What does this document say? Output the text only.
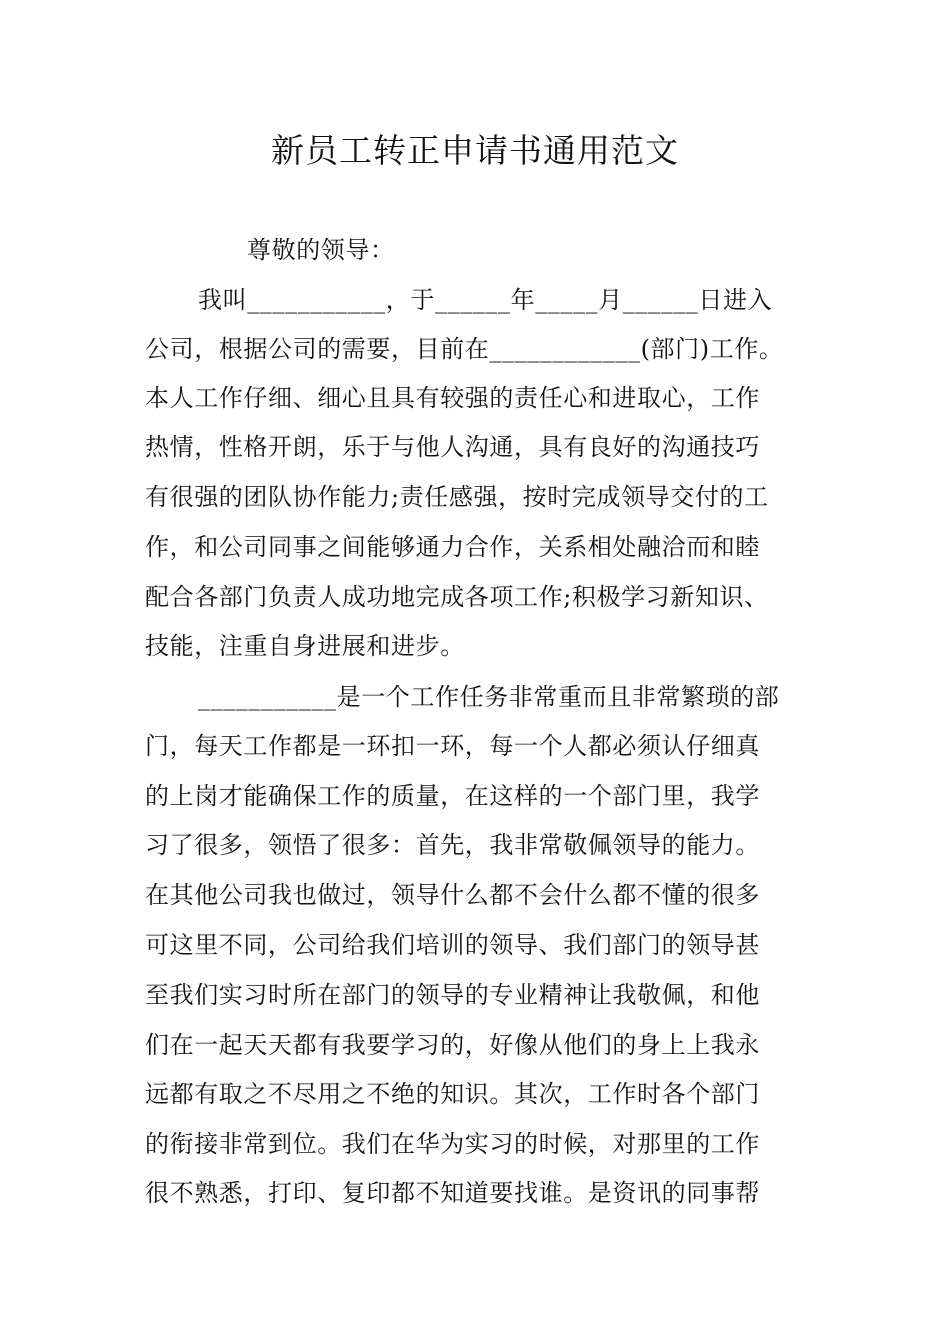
新员工转正申请书通用范文
尊敬的领导：
我叫___________，于______年_____月______日进入
公司，根据公司的需要，目前在____________(部门)工作。
本人工作仔细、细心且具有较强的责任心和进取心，工作
热情，性格开朗，乐于与他人沟通，具有良好的沟通技巧
有很强的团队协作能力;责任感强，按时完成领导交付的工
作，和公司同事之间能够通力合作，关系相处融洽而和睦
配合各部门负责人成功地完成各项工作;积极学习新知识、
技能，注重自身进展和进步。
___________是一个工作任务非常重而且非常繁琐的部
门，每天工作都是一环扣一环，每一个人都必须认仔细真
的上岗才能确保工作的质量，在这样的一个部门里，我学
习了很多，领悟了很多：首先，我非常敬佩领导的能力。
在其他公司我也做过，领导什么都不会什么都不懂的很多
可这里不同，公司给我们培训的领导、我们部门的领导甚
至我们实习时所在部门的领导的专业精神让我敬佩，和他
们在一起天天都有我要学习的，好像从他们的身上上我永
远都有取之不尽用之不绝的知识。其次，工作时各个部门
的衔接非常到位。我们在华为实习的时候，对那里的工作
很不熟悉，打印、复印都不知道要找谁。是资讯的同事帮
